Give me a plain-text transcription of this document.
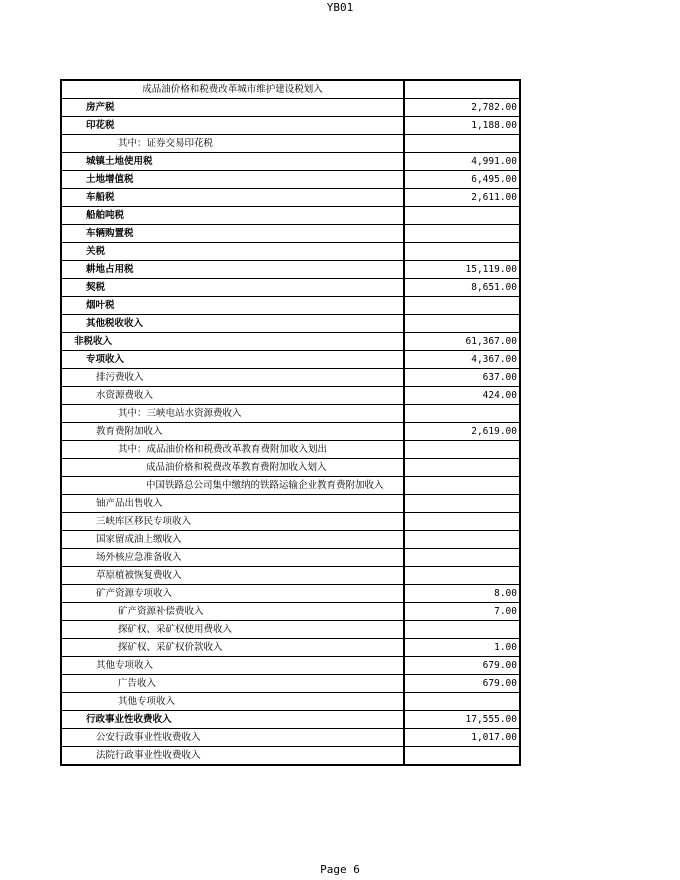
YB01
成品油价格和税费改革城市维护建设税划入	
房产税	2,782.00
印花税	1,188.00
其中：证券交易印花税	
城镇土地使用税	4,991.00
土地增值税	6,495.00
车船税	2,611.00
船舶吨税	
车辆购置税	
关税	
耕地占用税	15,119.00
契税	8,651.00
烟叶税	
其他税收收入	
非税收入	61,367.00
专项收入	4,367.00
排污费收入	637.00
水资源费收入	424.00
其中：三峡电站水资源费收入	
教育费附加收入	2,619.00
其中：成品油价格和税费改革教育费附加收入划出	
成品油价格和税费改革教育费附加收入划入	
中国铁路总公司集中缴纳的铁路运输企业教育费附加收入	
铀产品出售收入	
三峡库区移民专项收入	
国家留成油上缴收入	
场外核应急准备收入	
草原植被恢复费收入	
矿产资源专项收入	8.00
矿产资源补偿费收入	7.00
探矿权、采矿权使用费收入	
探矿权、采矿权价款收入	1.00
其他专项收入	679.00
广告收入	679.00
其他专项收入	
行政事业性收费收入	17,555.00
公安行政事业性收费收入	1,017.00
法院行政事业性收费收入	
Page 6
